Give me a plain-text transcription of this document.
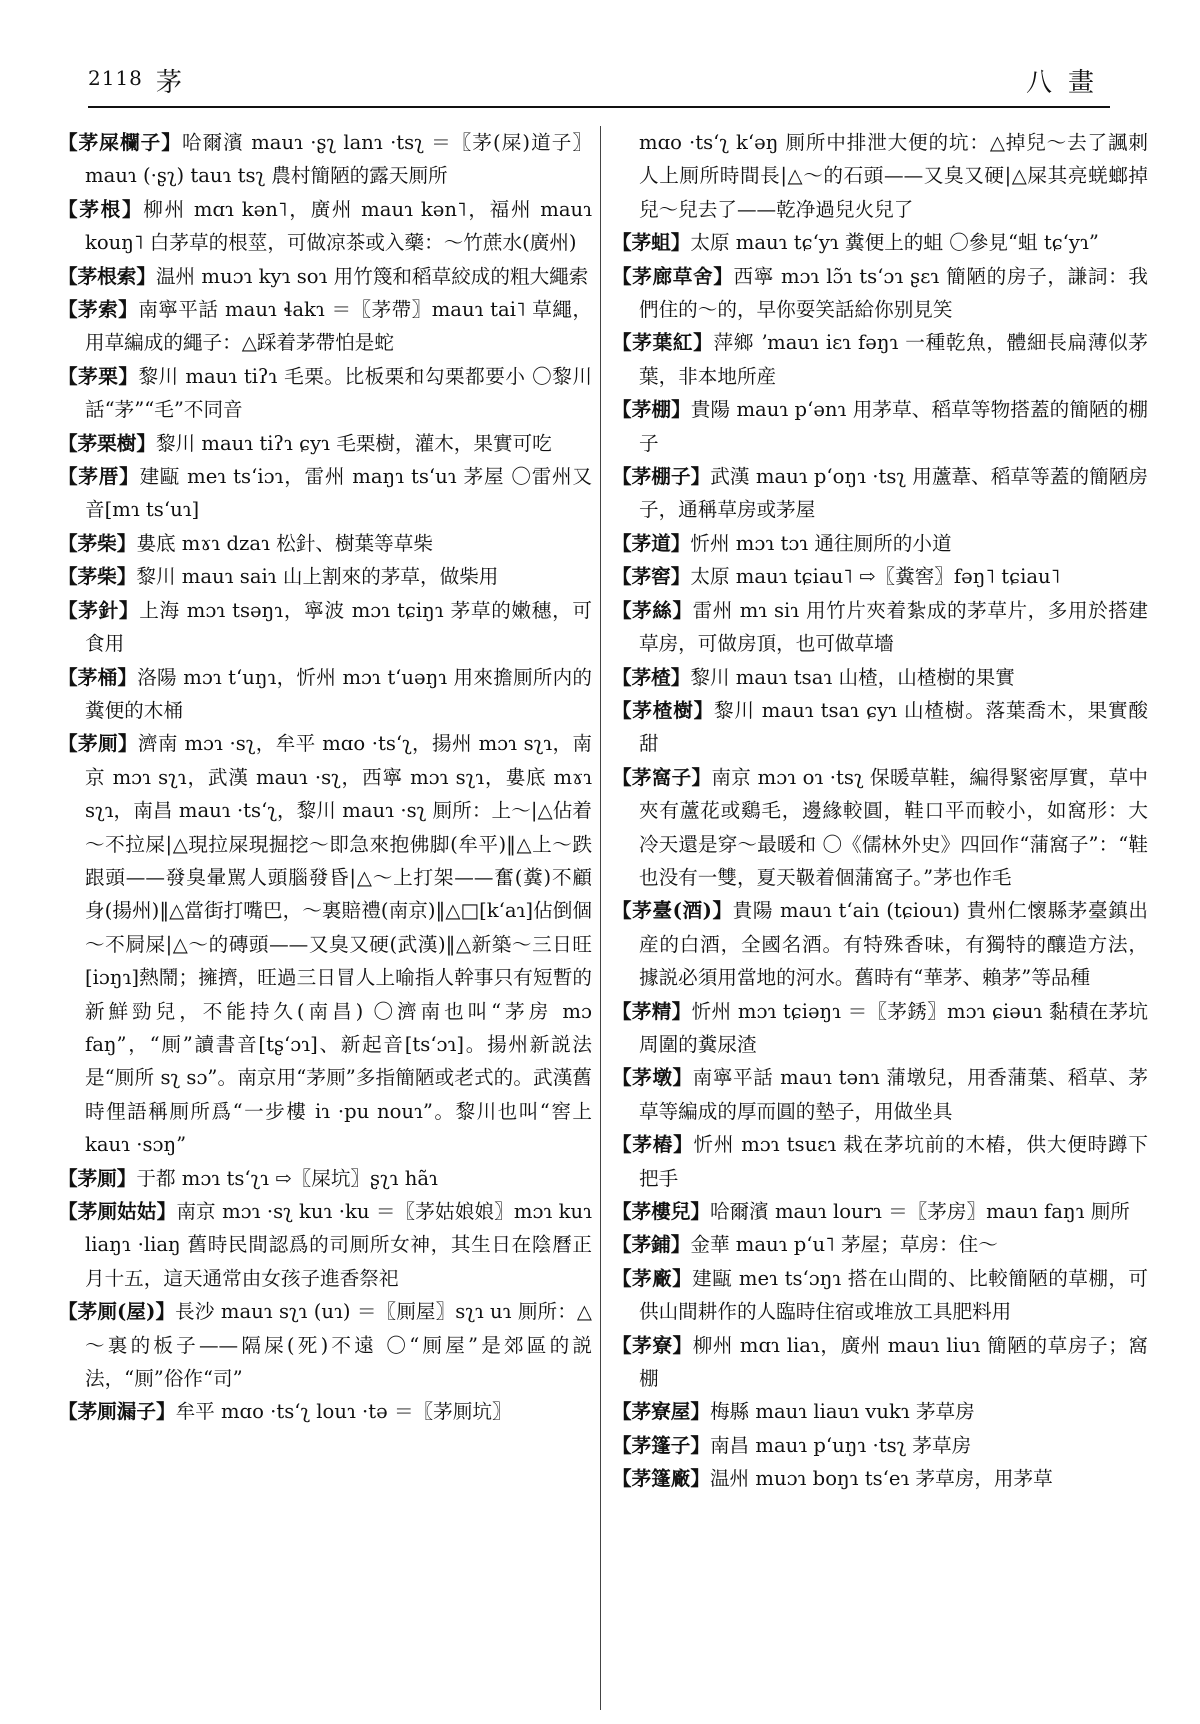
2118 茅	八畫
【茅屎欄子】哈爾濱 mauɿ ·ʂʅ lanɿ ·tsʅ ＝〖茅(屎)道子〗mauɿ (·ʂʅ) tauɿ tsʅ 農村簡陋的露天厠所
【茅根】柳州 mɑɿ kən˥，廣州 mauɿ kən˥，福州 mauɿ kouŋ˥ 白茅草的根莖，可做凉茶或入藥：～竹蔗水(廣州)
【茅根索】温州 muɔɿ kyɿ soɿ 用竹篾和稻草絞成的粗大繩索
【茅索】南寧平話 mauɿ ɬakɿ ＝〖茅帶〗mauɿ tai˥ 草繩，用草編成的繩子：△踩着茅帶怕是蛇
【茅栗】黎川 mauɿ tiʔɿ 毛栗。比板栗和勾栗都要小 〇黎川話“茅”“毛”不同音
【茅栗樹】黎川 mauɿ tiʔɿ ɕyɿ 毛栗樹，灌木，果實可吃
【茅厝】建甌 meɿ tsʻiɔɿ，雷州 maŋɿ tsʻuɿ 茅屋 〇雷州又音[mɿ tsʻuɿ]
【茅柴】婁底 mɤɿ dzaɿ 松針、樹葉等草柴
【茅柴】黎川 mauɿ saiɿ 山上割來的茅草，做柴用
【茅針】上海 mɔɿ tsəŋɿ，寧波 mɔɿ tɕiŋɿ 茅草的嫩穗，可食用
【茅桶】洛陽 mɔɿ tʻuŋɿ，忻州 mɔɿ tʻuəŋɿ 用來擔厠所内的糞便的木桶
【茅厠】濟南 mɔɿ ·sʅ，牟平 mɑo ·tsʻʅ，揚州 mɔɿ sʅɿ，南京 mɔɿ sʅɿ，武漢 mauɿ ·sʅ，西寧 mɔɿ sʅɿ，婁底 mɤɿ sʅɿ，南昌 mauɿ ·tsʻʅ，黎川 mauɿ ·sʅ 厠所：上～|△佔着～不拉屎|△現拉屎現掘挖～即急來抱佛脚(牟平)‖△上～跌跟頭——發臭暈駡人頭腦發昏|△～上打架——奮(糞)不顧身(揚州)‖△當街打嘴巴，～裏賠禮(南京)‖△□[kʻaɿ]佔倒個～不屙屎|△～的磚頭——又臭又硬(武漢)‖△新築～三日旺[iɔŋɿ]熱鬧；擁擠，旺過三日冒人上喻指人幹事只有短暫的新鮮勁兒，不能持久(南昌) 〇濟南也叫“茅房 mɔ faŋ”，“厠”讀書音[tʂʻɔɿ]、新起音[tsʻɔɿ]。揚州新説法是“厠所 sʅ sɔ”。南京用“茅厠”多指簡陋或老式的。武漢舊時俚語稱厠所爲“一步樓 iɿ ·pu nouɿ”。黎川也叫“窖上 kauɿ ·sɔŋ”
【茅厠】于都 mɔɿ tsʻʅɿ ⇨〖屎坑〗ʂʅɿ hãɿ
【茅厠姑姑】南京 mɔɿ ·sʅ kuɿ ·ku ＝〖茅姑娘娘〗mɔɿ kuɿ liaŋɿ ·liaŋ 舊時民間認爲的司厠所女神，其生日在陰曆正月十五，這天通常由女孩子進香祭祀
【茅厠(屋)】長沙 mauɿ sʅɿ (uɿ) ＝〖厠屋〗sʅɿ uɿ 厠所：△～裏的板子——隔屎(死)不遠 〇“厠屋”是郊區的説法，“厠”俗作“司”
【茅厠漏子】牟平 mɑo ·tsʻʅ louɿ ·tə ＝〖茅厠坑〗
mɑo ·tsʻʅ kʻəŋ 厠所中排泄大便的坑：△掉兒～去了諷刺人上厠所時間長|△～的石頭——又臭又硬|△屎其亮蜣螂掉兒～兒去了——乾净過兒火兒了
【茅蛆】太原 mauɿ tɕʻyɿ 糞便上的蛆 〇參見“蛆 tɕʻyɿ”
【茅廊草舍】西寧 mɔɿ lɔ̃ɿ tsʻɔɿ ʂɛɿ 簡陋的房子，謙詞：我們住的～的，早你耍笑話給你别見笑
【茅葉紅】萍鄉 ʼmauɿ iɛɿ fəŋɿ 一種乾魚，體細長扁薄似茅葉，非本地所産
【茅棚】貴陽 mauɿ pʻənɿ 用茅草、稻草等物搭蓋的簡陋的棚子
【茅棚子】武漢 mauɿ pʻoŋɿ ·tsʅ 用蘆葦、稻草等蓋的簡陋房子，通稱草房或茅屋
【茅道】忻州 mɔɿ tɔɿ 通往厠所的小道
【茅窖】太原 mauɿ tɕiau˥ ⇨〖糞窖〗fəŋ˥ tɕiau˥
【茅絲】雷州 mɿ siɿ 用竹片夾着紮成的茅草片，多用於搭建草房，可做房頂，也可做草墻
【茅楂】黎川 mauɿ tsaɿ 山楂，山楂樹的果實
【茅楂樹】黎川 mauɿ tsaɿ ɕyɿ 山楂樹。落葉喬木，果實酸甜
【茅窩子】南京 mɔɿ oɿ ·tsʅ 保暖草鞋，編得緊密厚實，草中夾有蘆花或鷄毛，邊緣較圓，鞋口平而較小，如窩形：大冷天還是穿～最暖和 〇《儒林外史》四回作“蒲窩子”：“鞋也没有一雙，夏天靸着個蒲窩子。”茅也作毛
【茅臺(酒)】貴陽 mauɿ tʻaiɿ (tɕiouɿ) 貴州仁懷縣茅臺鎮出産的白酒，全國名酒。有特殊香味，有獨特的釀造方法，據説必須用當地的河水。舊時有“華茅、賴茅”等品種
【茅精】忻州 mɔɿ tɕiəŋɿ ＝〖茅銹〗mɔɿ ɕiəuɿ 黏積在茅坑周圍的糞尿渣
【茅墩】南寧平話 mauɿ tənɿ 蒲墩兒，用香蒲葉、稻草、茅草等編成的厚而圓的墊子，用做坐具
【茅樁】忻州 mɔɿ tsuɛɿ 栽在茅坑前的木樁，供大便時蹲下把手
【茅樓兒】哈爾濱 mauɿ lourɿ ＝〖茅房〗mauɿ faŋɿ 厠所
【茅鋪】金華 mauɿ pʻu˥ 茅屋；草房：住～
【茅廠】建甌 meɿ tsʻɔŋɿ 搭在山間的、比較簡陋的草棚，可供山間耕作的人臨時住宿或堆放工具肥料用
【茅寮】柳州 mɑɿ liaɿ，廣州 mauɿ liuɿ 簡陋的草房子；窩棚
【茅寮屋】梅縣 mauɿ liauɿ vukɿ 茅草房
【茅篷子】南昌 mauɿ pʻuŋɿ ·tsʅ 茅草房
【茅篷廠】温州 muɔɿ boŋɿ tsʻeɿ 茅草房，用茅草
